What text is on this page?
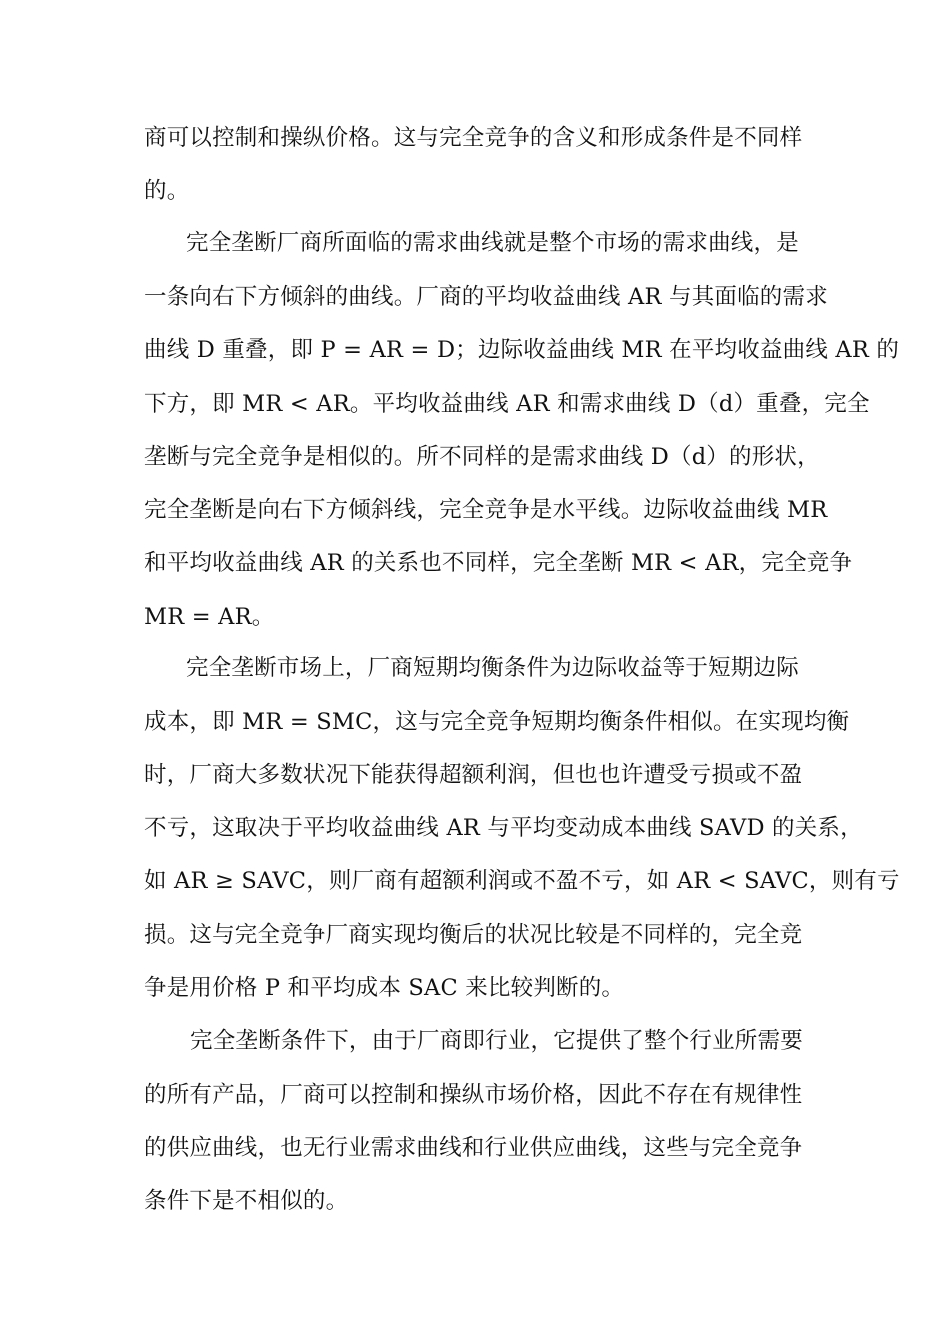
商可以控制和操纵价格。这与完全竞争的含义和形成条件是不同样
的。
完全垄断厂商所面临的需求曲线就是整个市场的需求曲线，是
一条向右下方倾斜的曲线。厂商的平均收益曲线 AR 与其面临的需求
曲线 D 重叠，即 P = AR = D；边际收益曲线 MR 在平均收益曲线 AR 的
下方，即 MR < AR。平均收益曲线 AR 和需求曲线 D（d）重叠，完全
垄断与完全竞争是相似的。所不同样的是需求曲线 D（d）的形状，
完全垄断是向右下方倾斜线，完全竞争是水平线。边际收益曲线 MR
和平均收益曲线 AR 的关系也不同样，完全垄断 MR < AR，完全竞争
MR = AR。
完全垄断市场上，厂商短期均衡条件为边际收益等于短期边际
成本，即 MR = SMC，这与完全竞争短期均衡条件相似。在实现均衡
时，厂商大多数状况下能获得超额利润，但也也许遭受亏损或不盈
不亏，这取决于平均收益曲线 AR 与平均变动成本曲线 SAVD 的关系，
如 AR ≥ SAVC，则厂商有超额利润或不盈不亏，如 AR < SAVC，则有亏
损。这与完全竞争厂商实现均衡后的状况比较是不同样的，完全竞
争是用价格 P 和平均成本 SAC 来比较判断的。
完全垄断条件下，由于厂商即行业，它提供了整个行业所需要
的所有产品，厂商可以控制和操纵市场价格，因此不存在有规律性
的供应曲线，也无行业需求曲线和行业供应曲线，这些与完全竞争
条件下是不相似的。
